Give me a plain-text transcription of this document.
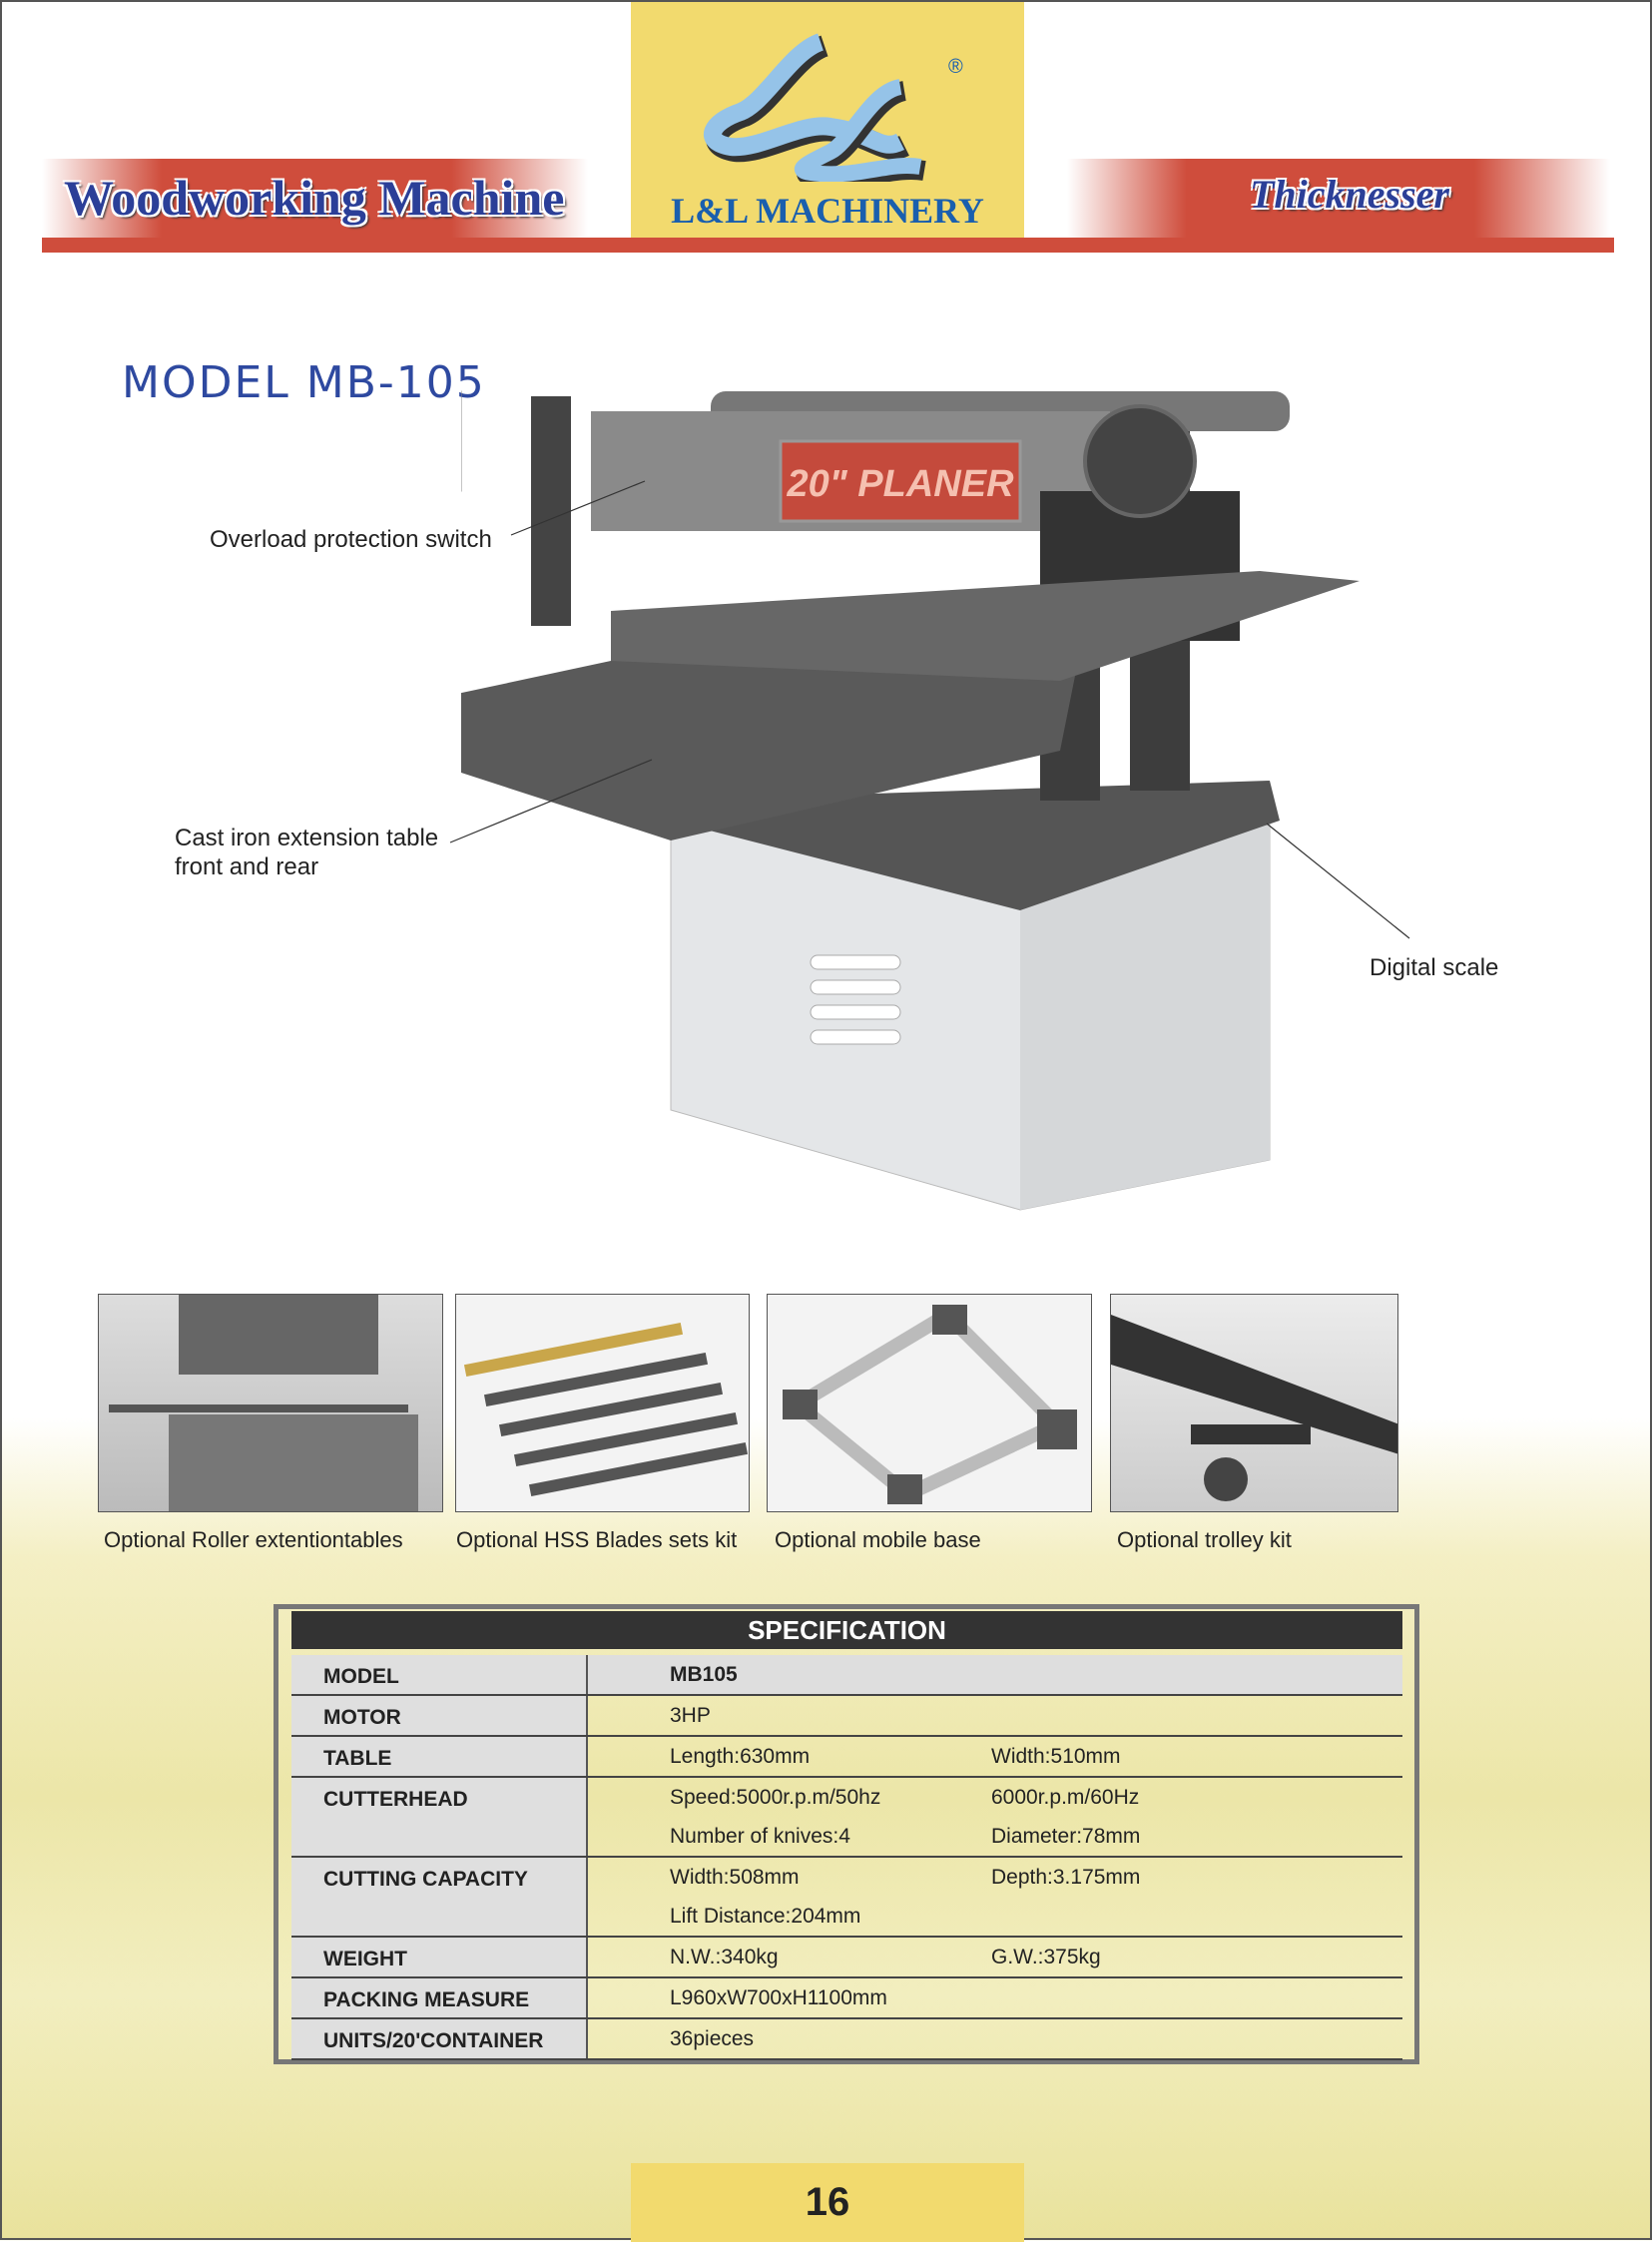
Woodworking Machine	Thicknesser
®
L&L MACHINERY
MODEL MB-105
20" PLANER
Overload protection switch
Cast iron extension table
front and rear
Digital scale
Optional Roller extentiontables Optional HSS Blades sets kit Optional mobile base	Optional trolley kit
SPECIFICATION
MODEL	MB105
MOTOR	3HP
TABLE	Length:630mm	Width:510mm
CUTTERHEAD	Speed:5000r.p.m/50hz	6000r.p.m/60Hz
Number of knives:4	Diameter:78mm
CUTTING CAPACITY	Width:508mm	Depth:3.175mm
Lift Distance:204mm
WEIGHT	N.W.:340kg	G.W.:375kg
PACKING MEASURE	L960xW700xH1100mm
UNITS/20'CONTAINER	36pieces
16
